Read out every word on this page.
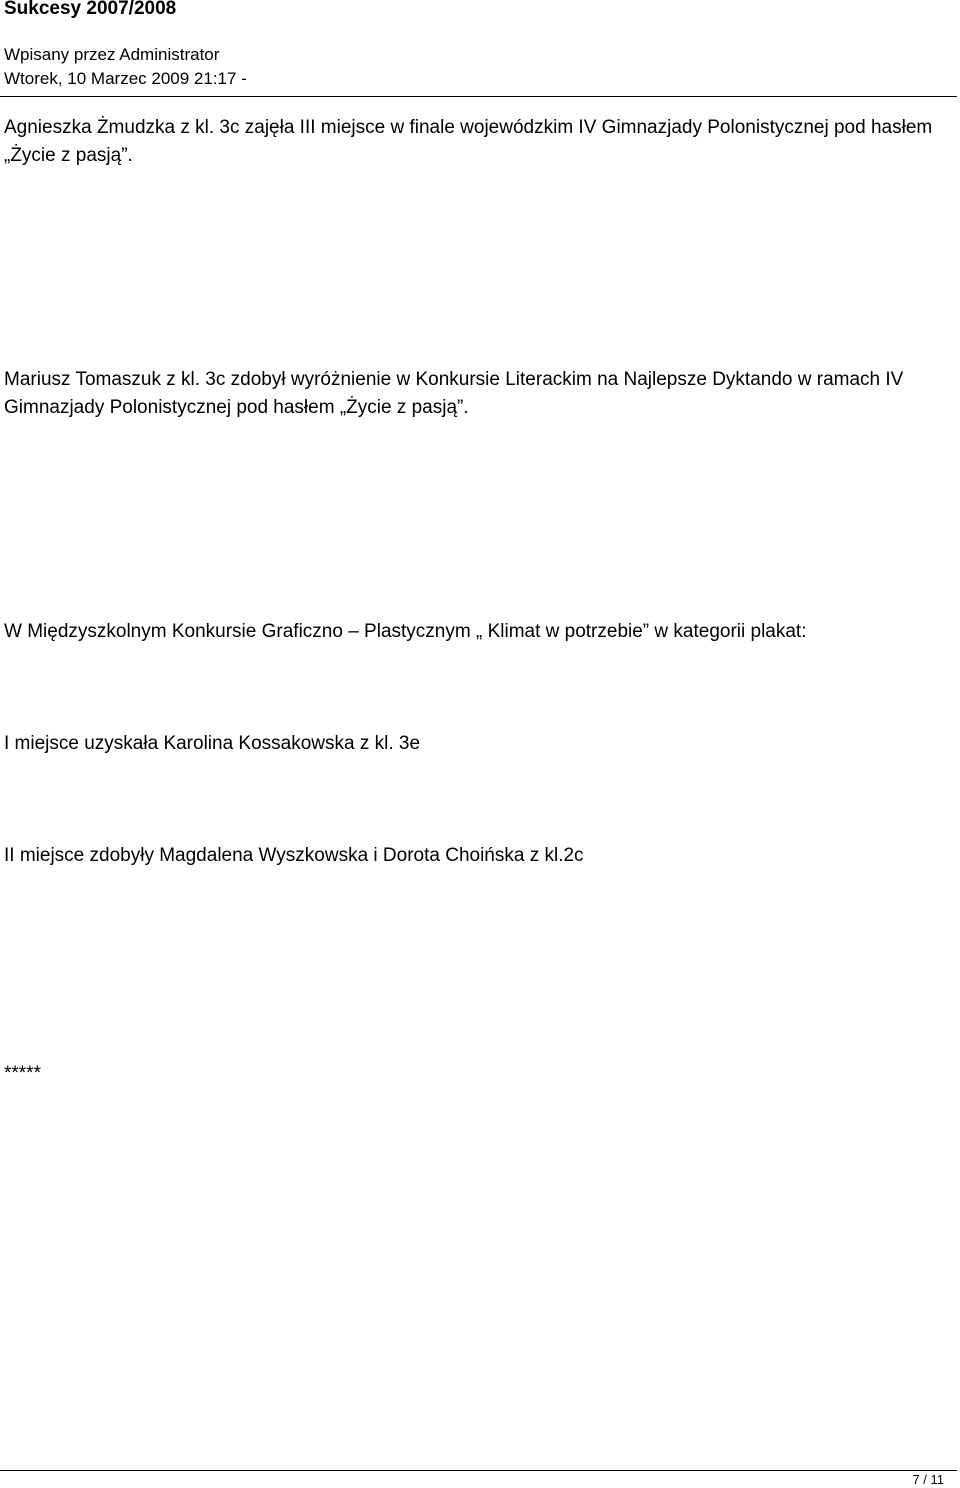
Sukcesy 2007/2008
Wpisany przez Administrator
Wtorek, 10 Marzec 2009 21:17 -

Agnieszka Żmudzka z kl. 3c zajęła III miejsce w finale wojewódzkim IV Gimnazjady Polonistycznej pod hasłem „Życie z pasją”.

Mariusz Tomaszuk z kl. 3c zdobył wyróżnienie w Konkursie Literackim na Najlepsze Dyktando w ramach IV Gimnazjady Polonistycznej pod hasłem „Życie z pasją”.

W Międzyszkolnym Konkursie Graficzno – Plastycznym „ Klimat w potrzebie” w kategorii plakat:

I miejsce uzyskała Karolina Kossakowska z kl. 3e

II miejsce zdobyły Magdalena Wyszkowska i Dorota Choińska z kl.2c

*****

7 / 11
